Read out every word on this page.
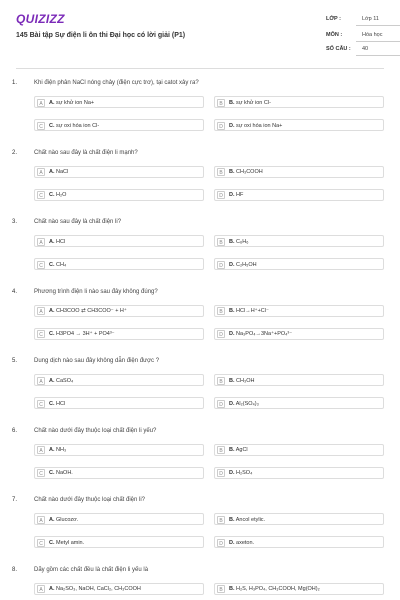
QUIZIZZ
145 Bài tập Sự điện li ôn thi Đại học có lời giải (P1)
LỚP :	Lớp 11
MÔN :	Hóa học
SỐ CÂU :	40
1.	Khi điện phân NaCl nóng chảy (điện cực trơ), tại catot xảy ra?
A	A. sự khử ion Na+	B	B. sự khử ion Cl-
C	C. sự oxi hóa ion Cl-	D	D. sự oxi hóa ion Na+
2.	Chất nào sau đây là chất điện li mạnh?
A	A. NaCl	B	B. CH₃COOH
C	C. H₂O	D	D. HF
3.	Chất nào sau đây là chất điện li?
A	A. HCl	B	B. C₆H₆
C	C. CH₄	D	D. C₂H₅OH
4.	Phương trình điện li nào sau đây không đúng?
A	A. CH3COO ⇄ CH3COO⁻ + H⁺	B	B. HCl→H⁺+Cl⁻
C	C. H3PO4 → 3H⁺ + PO4³⁻	D	D. Na₃PO₄→3Na⁺+PO₄³⁻
5.	Dung dịch nào sau đây không dẫn điện được ?
A	A. CaSO₄	B	B. CH₃OH
C	C. HCl	D	D. Al₂(SO₄)₃
6.	Chất nào dưới đây thuộc loại chất điện li yếu?
A	A. NH₃	B	B. AgCl
C	C. NaOH.	D	D. H₂SO₄
7.	Chất nào dưới đây thuộc loại chất điện li?
A	A. Glucozơ.	B	B. Ancol etylic.
C	C. Metyl amin.	D	D. axeton.
8.	Dãy gồm các chất đều là chất điện li yếu là
A	A. Na₂SO₃, NaOH, CaCl₂, CH₃COOH	B	B. H₂S, H₃PO₄, CH₃COOH, Mg(OH)₂
